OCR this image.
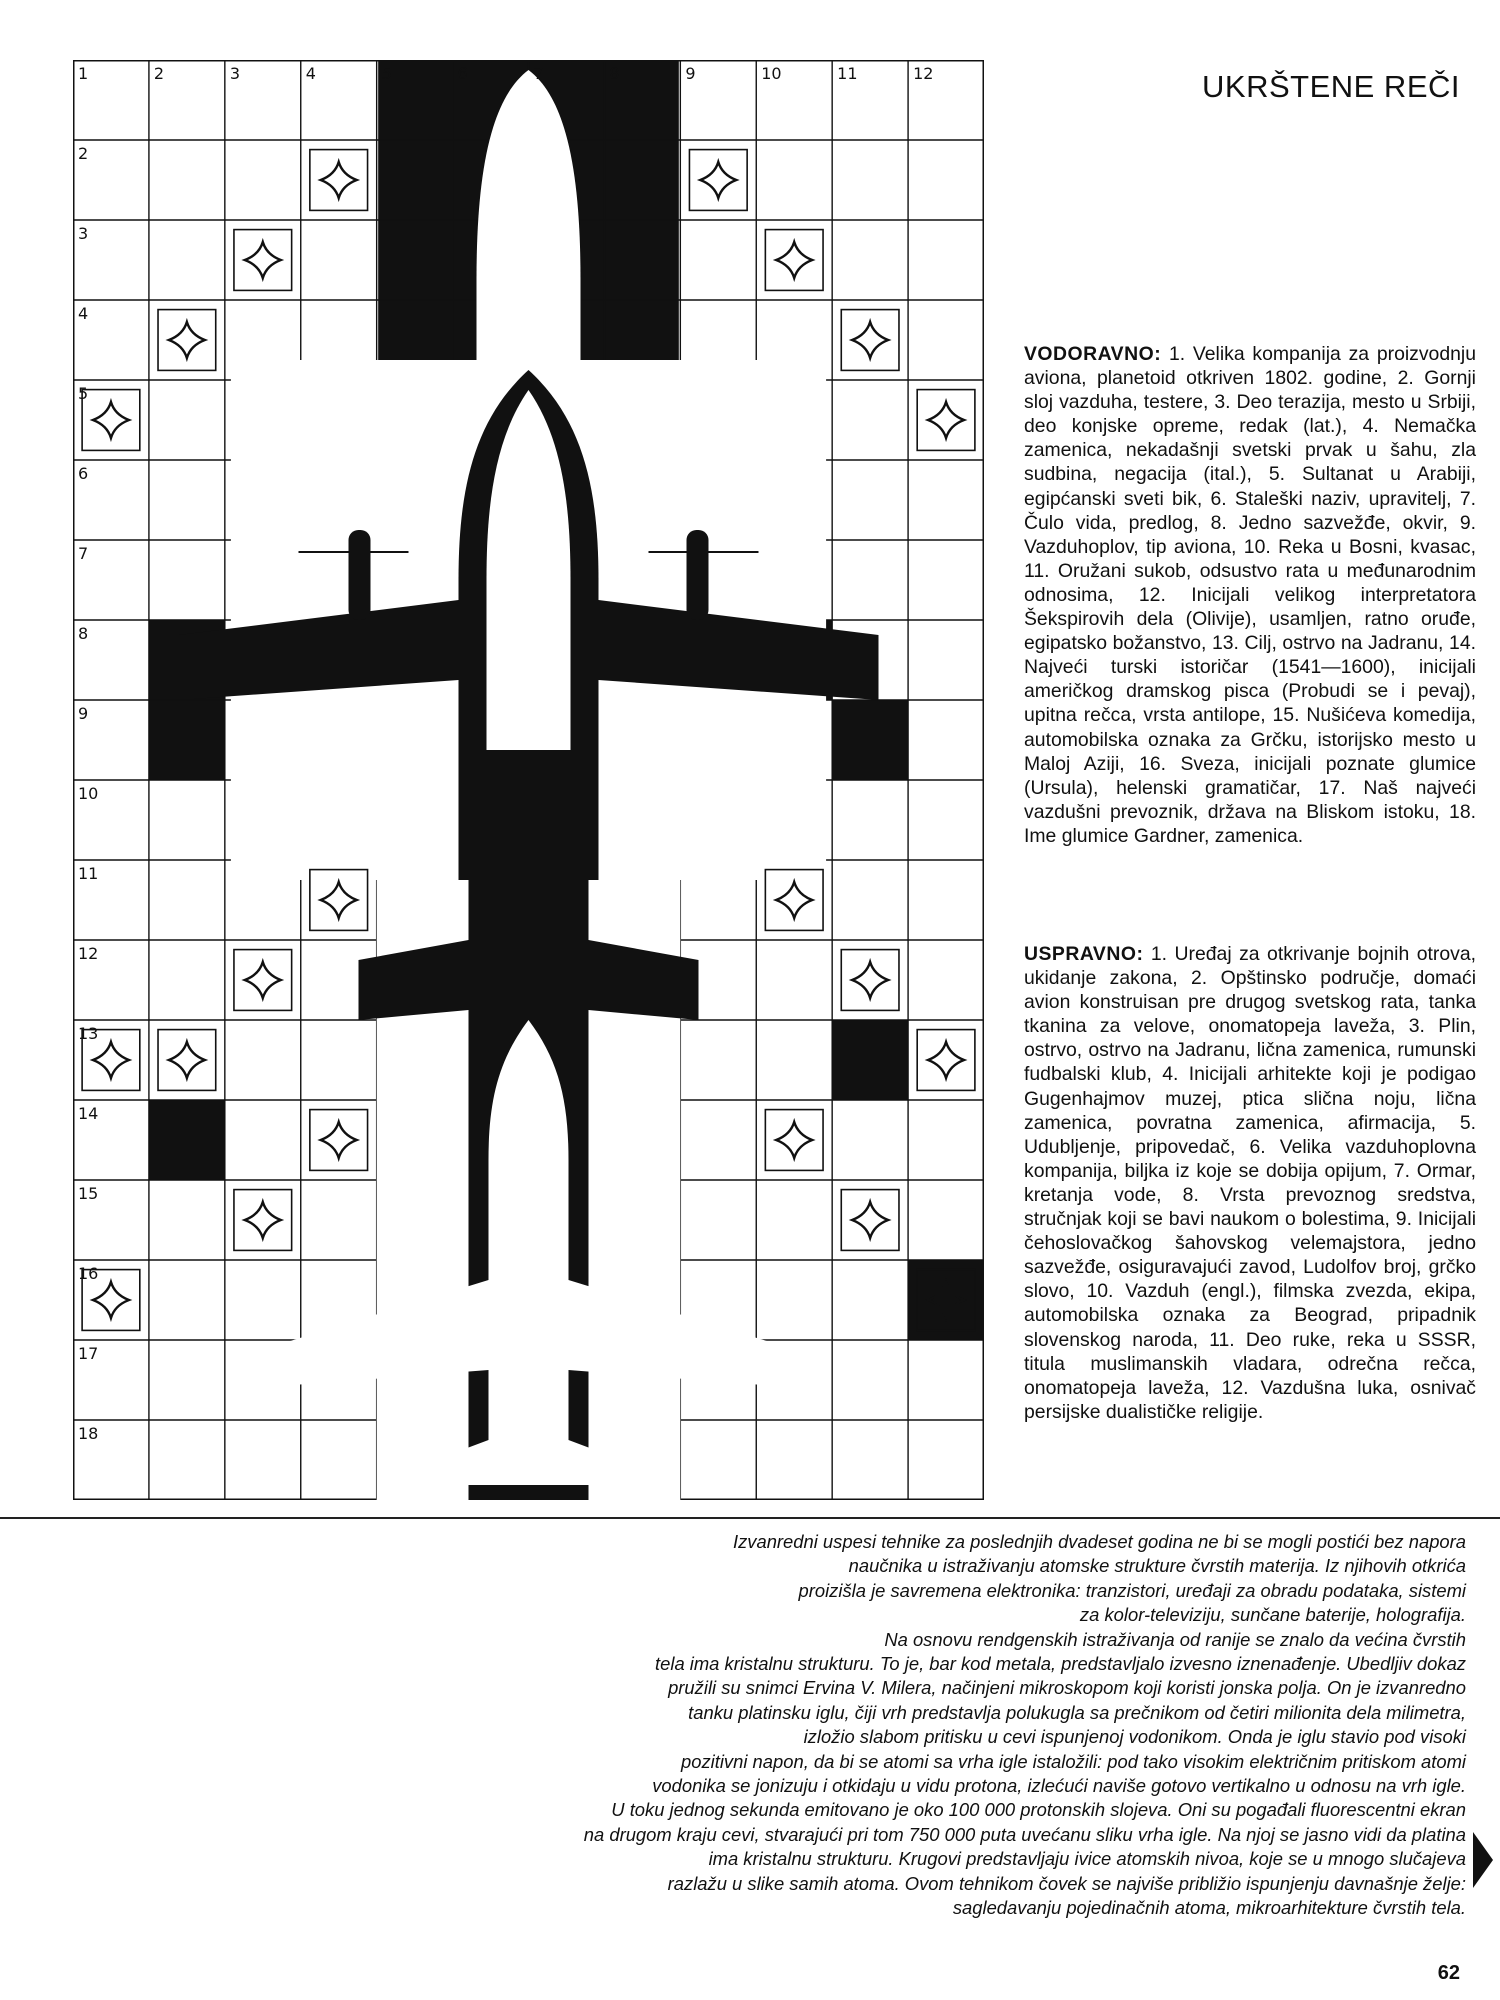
1	2	3	4	5	6	7	8	9	10	11	12
2
3
4
5
6
7
8
9
10
11
12
13
14
15
16
17
18
UKRŠTENE REČI

VODORAVNO: 1. Velika kompanija za proizvodnju aviona, planetoid otkriven 1802. godine, 2. Gornji sloj vazduha, testere, 3. Deo terazija, mesto u Srbiji, deo konjske opreme, redak (lat.), 4. Nemačka zamenica, nekadašnji svetski prvak u šahu, zla sudbina, negacija (ital.), 5. Sultanat u Arabiji, egipćanski sveti bik, 6. Staleški naziv, upravitelj, 7. Čulo vida, predlog, 8. Jedno sazvežđe, okvir, 9. Vazduhoplov, tip aviona, 10. Reka u Bosni, kvasac, 11. Oružani sukob, odsustvo rata u međunarodnim odnosima, 12. Inicijali velikog interpretatora Šekspirovih dela (Olivije), usamljen, ratno oruđe, egipatsko božanstvo, 13. Cilj, ostrvo na Jadranu, 14. Najveći turski istoričar (1541—1600), inicijali američkog dramskog pisca (Probudi se i pevaj), upitna rečca, vrsta antilope, 15. Nušićeva komedija, automobilska oznaka za Grčku, istorijsko mesto u Maloj Aziji, 16. Sveza, inicijali poznate glumice (Ursula), helenski gramatičar, 17. Naš najveći vazdušni prevoznik, država na Bliskom istoku, 18. Ime glumice Gardner, zamenica.

USPRAVNO: 1. Uređaj za otkrivanje bojnih otrova, ukidanje zakona, 2. Opštinsko područje, domaći avion konstruisan pre drugog svetskog rata, tanka tkanina za velove, onomatopeja laveža, 3. Plin, ostrvo, ostrvo na Jadranu, lična zamenica, rumunski fudbalski klub, 4. Inicijali arhitekte koji je podigao Gugenhajmov muzej, ptica slična noju, lična zamenica, povratna zamenica, afirmacija, 5. Udubljenje, pripovedač, 6. Velika vazduhoplovna kompanija, biljka iz koje se dobija opijum, 7. Ormar, kretanja vode, 8. Vrsta prevoznog sredstva, stručnjak koji se bavi naukom o bolestima, 9. Inicijali čehoslovačkog šahovskog velemajstora, jedno sazvežđe, osiguravajući zavod, Ludolfov broj, grčko slovo, 10. Vazduh (engl.), filmska zvezda, ekipa, automobilska oznaka za Beograd, pripadnik slovenskog naroda, 11. Deo ruke, reka u SSSR, titula muslimanskih vladara, odrečna rečca, onomatopeja laveža, 12. Vazdušna luka, osnivač persijske dualističke religije.

Izvanredni uspesi tehnike za poslednjih dvadeset godina ne bi se mogli postići bez napora
naučnika u istraživanju atomske strukture čvrstih materija. Iz njihovih otkrića
proizišla je savremena elektronika: tranzistori, uređaji za obradu podataka, sistemi
za kolor-televiziju, sunčane baterije, holografija.
Na osnovu rendgenskih istraživanja od ranije se znalo da većina čvrstih
tela ima kristalnu strukturu. To je, bar kod metala, predstavljalo izvesno iznenađenje. Ubedljiv dokaz
pružili su snimci Ervina V. Milera, načinjeni mikroskopom koji koristi jonska polja. On je izvanredno
tanku platinsku iglu, čiji vrh predstavlja polukugla sa prečnikom od četiri milionita dela milimetra,
izložio slabom pritisku u cevi ispunjenoj vodonikom. Onda je iglu stavio pod visoki
pozitivni napon, da bi se atomi sa vrha igle istaložili: pod tako visokim električnim pritiskom atomi
vodonika se jonizuju i otkidaju u vidu protona, izlećući naviše gotovo vertikalno u odnosu na vrh igle.
U toku jednog sekunda emitovano je oko 100 000 protonskih slojeva. Oni su pogađali fluorescentni ekran
na drugom kraju cevi, stvarajući pri tom 750 000 puta uvećanu sliku vrha igle. Na njoj se jasno vidi da platina
ima kristalnu strukturu. Krugovi predstavljaju ivice atomskih nivoa, koje se u mnogo slučajeva
razlažu u slike samih atoma. Ovom tehnikom čovek se najviše približio ispunjenju davnašnje želje:
sagledavanju pojedinačnih atoma, mikroarhitekture čvrstih tela.

62
